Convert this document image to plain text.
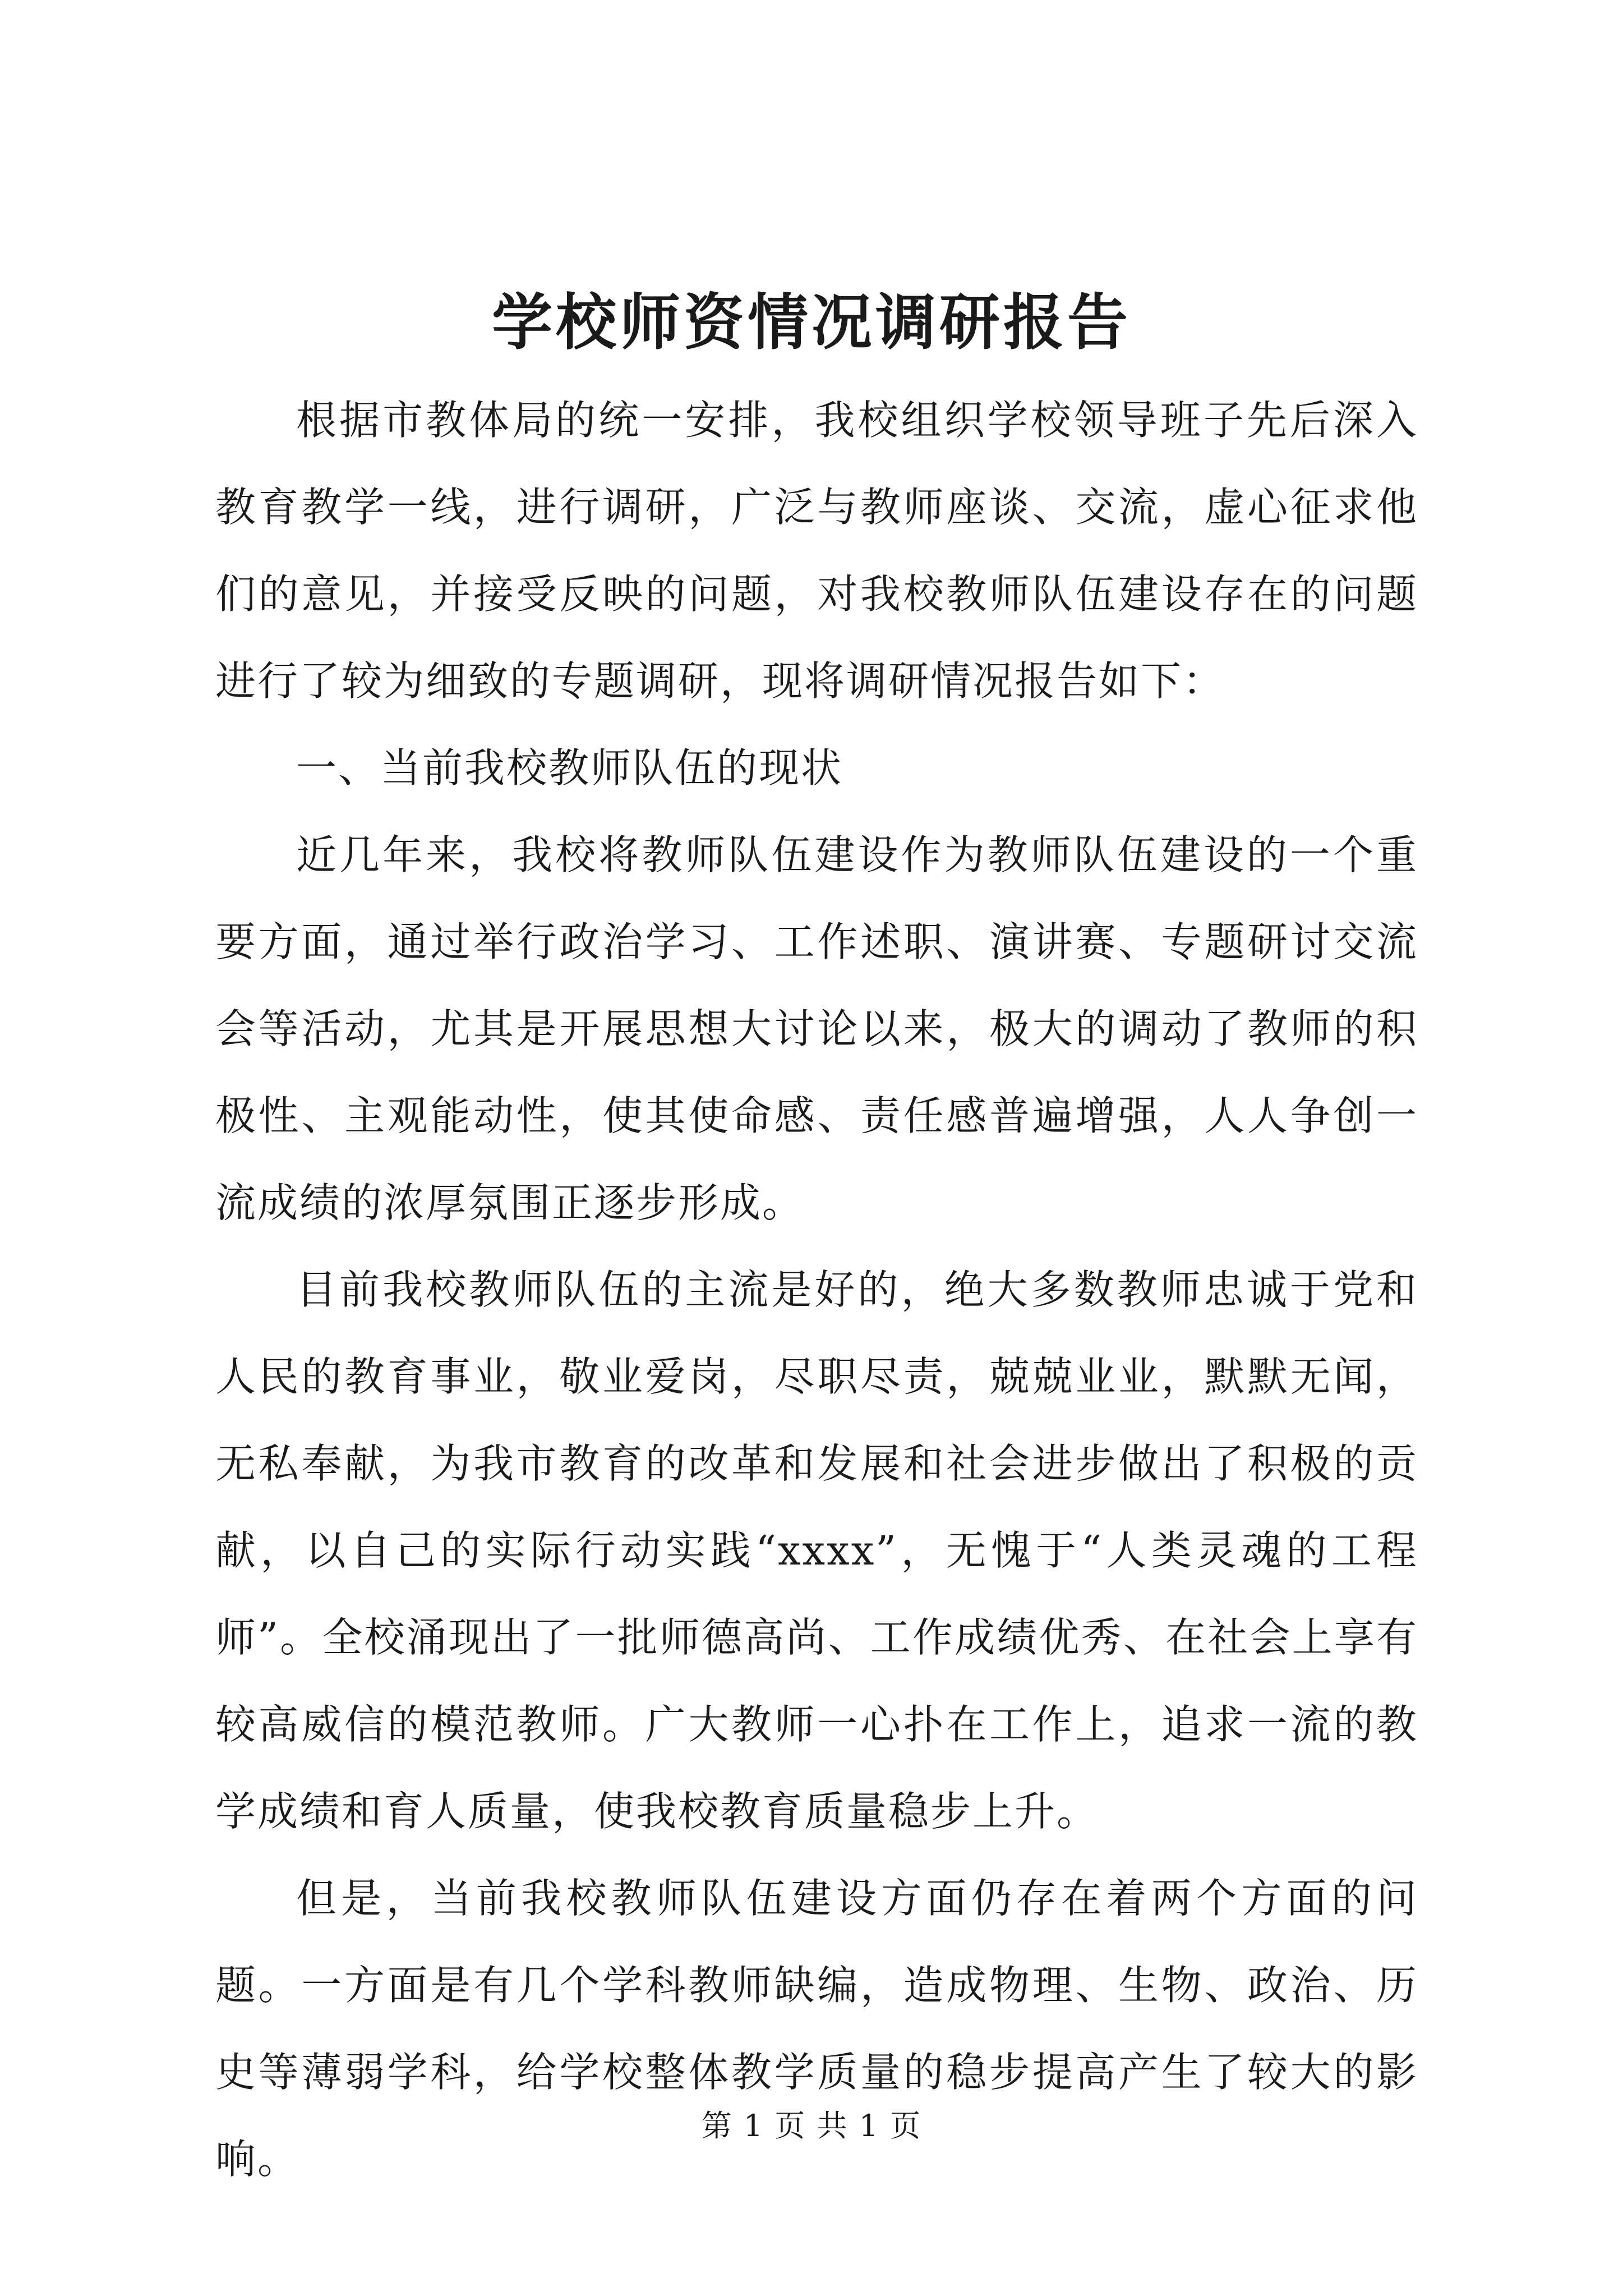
学校师资情况调研报告

根据市教体局的统一安排，我校组织学校领导班子先后深入教育教学一线，进行调研，广泛与教师座谈、交流，虚心征求他们的意见，并接受反映的问题，对我校教师队伍建设存在的问题进行了较为细致的专题调研，现将调研情况报告如下：

一、当前我校教师队伍的现状

近几年来，我校将教师队伍建设作为教师队伍建设的一个重要方面，通过举行政治学习、工作述职、演讲赛、专题研讨交流会等活动，尤其是开展思想大讨论以来，极大的调动了教师的积极性、主观能动性，使其使命感、责任感普遍增强，人人争创一流成绩的浓厚氛围正逐步形成。

目前我校教师队伍的主流是好的，绝大多数教师忠诚于党和人民的教育事业，敬业爱岗，尽职尽责，兢兢业业，默默无闻，无私奉献，为我市教育的改革和发展和社会进步做出了积极的贡献，以自己的实际行动实践“xxxx”，无愧于“人类灵魂的工程师”。全校涌现出了一批师德高尚、工作成绩优秀、在社会上享有较高威信的模范教师。广大教师一心扑在工作上，追求一流的教学成绩和育人质量，使我校教育质量稳步上升。

但是，当前我校教师队伍建设方面仍存在着两个方面的问题。一方面是有几个学科教师缺编，造成物理、生物、政治、历史等薄弱学科，给学校整体教学质量的稳步提高产生了较大的影响。

第 1 页 共 1 页
